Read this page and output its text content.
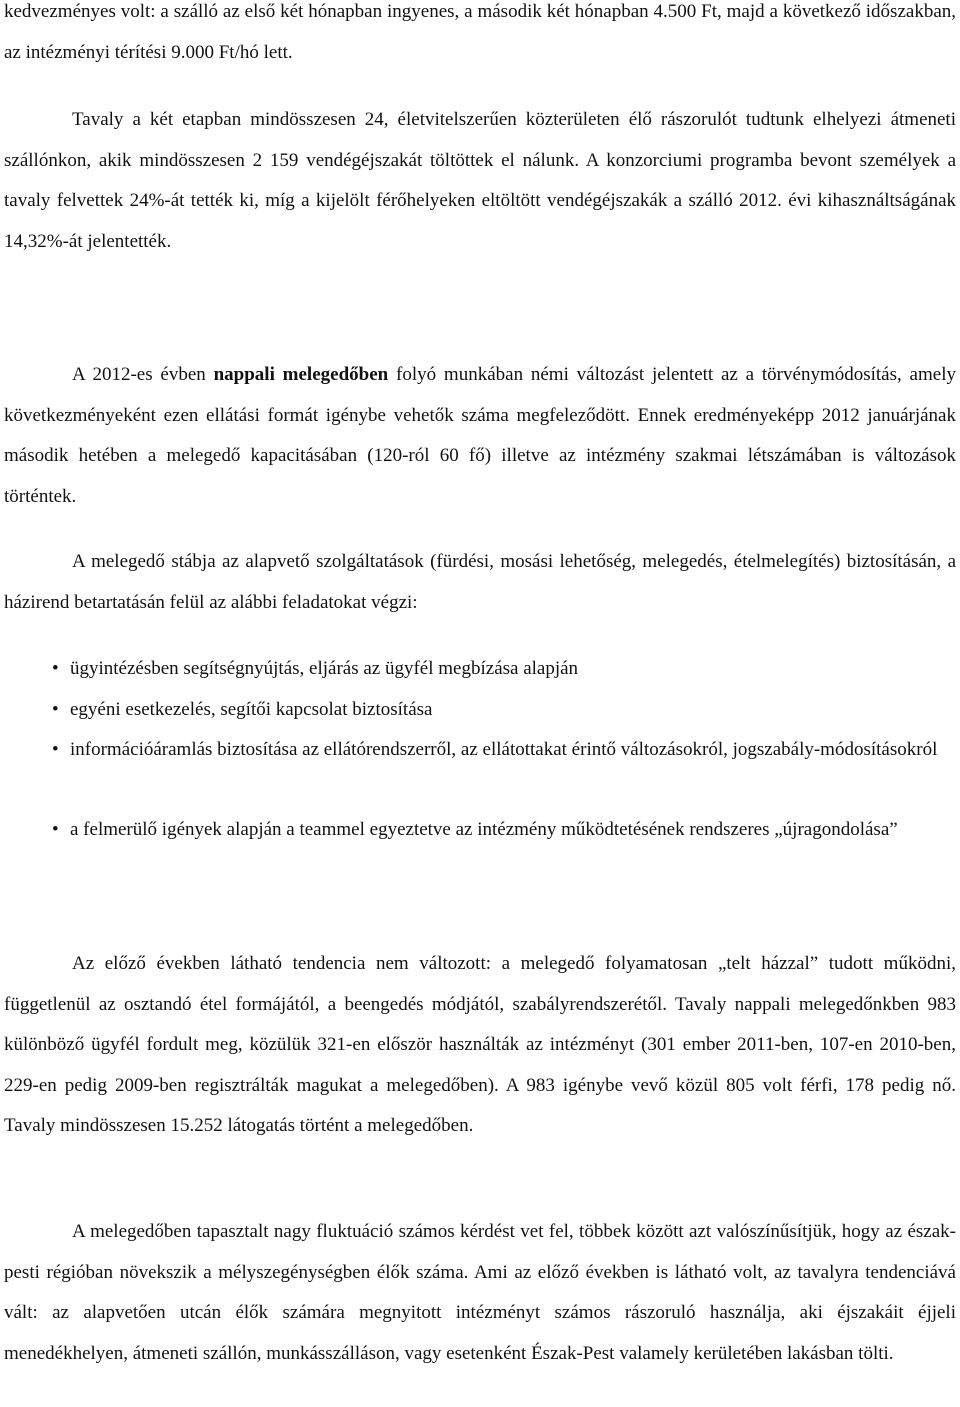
kedvezményes volt: a szálló az első két hónapban ingyenes, a második két hónapban 4.500 Ft, majd a következő időszakban, az intézményi térítési 9.000 Ft/hó lett.

Tavaly a két etapban mindösszesen 24, életvitelszerűen közterületen élő rászorulót tudtunk elhelyezi átmeneti szállónkon, akik mindösszesen 2 159 vendégéjszakát töltöttek el nálunk. A konzorciumi programba bevont személyek a tavaly felvettek 24%-át tették ki, míg a kijelölt férőhelyeken eltöltött vendégéjszakák a szálló 2012. évi kihasználtságának 14,32%-át jelentették.

A 2012-es évben nappali melegedőben folyó munkában némi változást jelentett az a törvénymódosítás, amely következményeként ezen ellátási formát igénybe vehetők száma megfeleződött. Ennek eredményeképp 2012 januárjának második hetében a melegedő kapacitásában (120-ról 60 fő) illetve az intézmény szakmai létszámában is változások történtek.

A melegedő stábja az alapvető szolgáltatások (fürdési, mosási lehetőség, melegedés, ételmelegítés) biztosításán, a házirend betartatásán felül az alábbi feladatokat végzi:

• ügyintézésben segítségnyújtás, eljárás az ügyfél megbízása alapján
• egyéni esetkezelés, segítői kapcsolat biztosítása
• információáramlás biztosítása az ellátórendszerről, az ellátottakat érintő változásokról, jogszabály-módosításokról
• a felmerülő igények alapján a teammel egyeztetve az intézmény működtetésének rendszeres „újragondolása”

Az előző években látható tendencia nem változott: a melegedő folyamatosan „telt házzal” tudott működni, függetlenül az osztandó étel formájától, a beengedés módjától, szabályrendszerétől. Tavaly nappali melegedőnkben 983 különböző ügyfél fordult meg, közülük 321-en először használták az intézményt (301 ember 2011-ben, 107-en 2010-ben, 229-en pedig 2009-ben regisztrálták magukat a melegedőben). A 983 igénybe vevő közül 805 volt férfi, 178 pedig nő. Tavaly mindösszesen 15.252 látogatás történt a melegedőben.

A melegedőben tapasztalt nagy fluktuáció számos kérdést vet fel, többek között azt valószínűsítjük, hogy az észak-pesti régióban növekszik a mélyszegénységben élők száma. Ami az előző években is látható volt, az tavalyra tendenciává vált: az alapvetően utcán élők számára megnyitott intézményt számos rászoruló használja, aki éjszakáit éjjeli menedékhelyen, átmeneti szállón, munkásszálláson, vagy esetenként Észak-Pest valamely kerületében lakásban tölti.
